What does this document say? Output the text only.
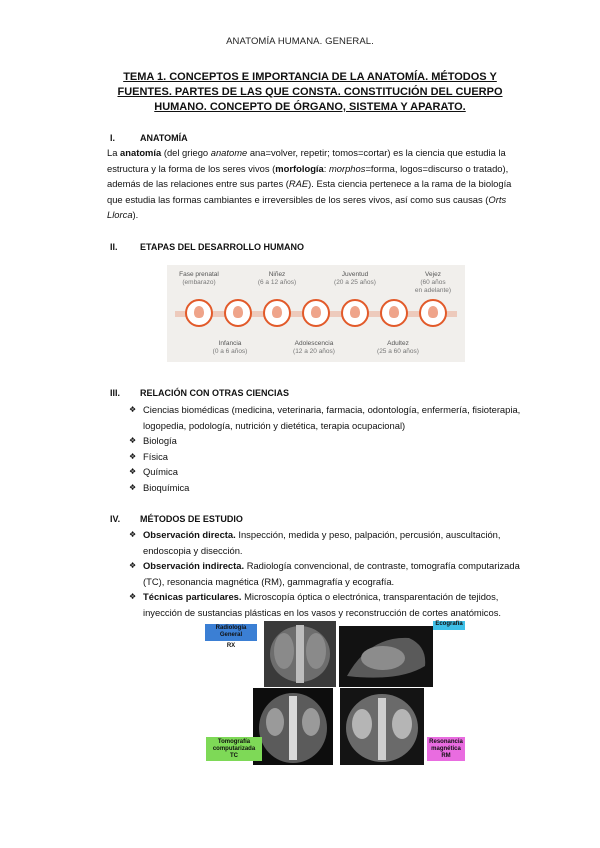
ANATOMÍA HUMANA. GENERAL.
TEMA 1. CONCEPTOS E IMPORTANCIA DE LA ANATOMÍA. MÉTODOS Y FUENTES. PARTES DE LAS QUE CONSTA. CONSTITUCIÓN DEL CUERPO HUMANO. CONCEPTO DE ÓRGANO, SISTEMA Y APARATO.
I.	ANATOMÍA
La anatomía (del griego anatome ana=volver, repetir; tomos=cortar) es la ciencia que estudia la estructura y la forma de los seres vivos (morfología: morphos=forma, logos=discurso o tratado), además de las relaciones entre sus partes (RAE). Esta ciencia pertenece a la rama de la biología que estudia las formas cambiantes e irreversibles de los seres vivos, así como sus causas (Orts Llorca).
II. ETAPAS DEL DESARROLLO HUMANO
Fase prenatal
(embarazo)
Niñez
(6 a 12 años)
Juventud
(20 a 25 años)
Vejez
(60 años
en adelante)
Infancia
(0 a 6 años)
Adolescencia
(12 a 20 años)
Adultez
(25 a 60 años)
III. RELACIÓN CON OTRAS CIENCIAS
❖ Ciencias biomédicas (medicina, veterinaria, farmacia, odontología, enfermería, fisioterapia, logopedia, podología, nutrición y dietética, terapia ocupacional)
❖ Biología
❖ Física
❖ Química
❖ Bioquímica
IV. MÉTODOS DE ESTUDIO
❖ Observación directa. Inspección, medida y peso, palpación, percusión, auscultación, endoscopia y disección.
❖ Observación indirecta. Radiología convencional, de contraste, tomografía computarizada (TC), resonancia magnética (RM), gammagrafía y ecografía.
❖ Técnicas particulares. Microscopía óptica o electrónica, transparentación de tejidos, inyección de sustancias plásticas en los vasos y reconstrucción de cortes anatómicos.
Radiología General
RX
Ecografía
Tomografía computarizada
TC
Resonancia magnética
RM
